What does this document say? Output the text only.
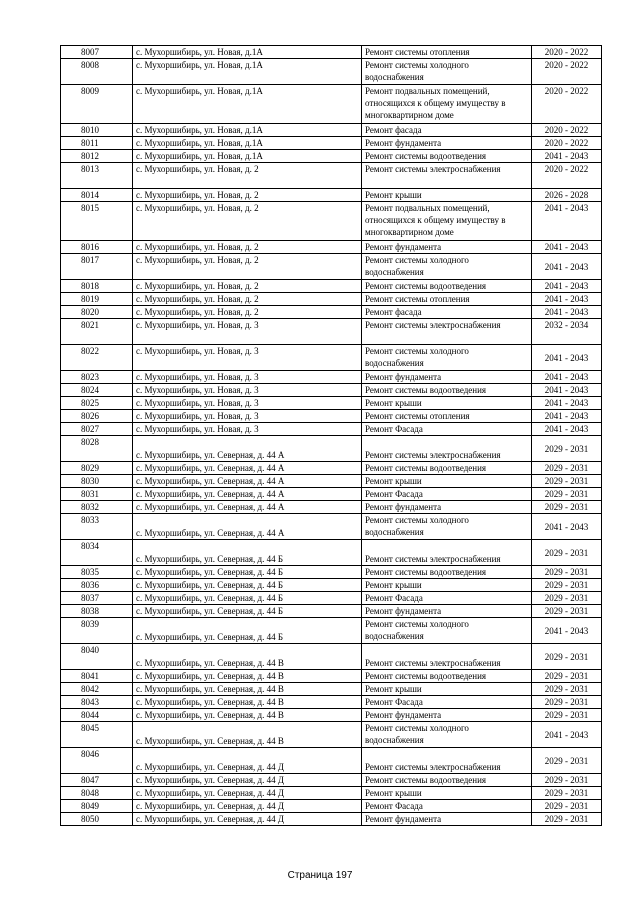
8007	с. Мухоршибирь, ул. Новая, д.1А	Ремонт системы отопления	2020 - 2022
8008	с. Мухоршибирь, ул. Новая, д.1А	Ремонт системы холодного водоснабжения	2020 - 2022
8009	с. Мухоршибирь, ул. Новая, д.1А	Ремонт подвальных помещений, относящихся к общему имуществу в многоквартирном доме	2020 - 2022
8010	с. Мухоршибирь, ул. Новая, д.1А	Ремонт фасада	2020 - 2022
8011	с. Мухоршибирь, ул. Новая, д.1А	Ремонт фундамента	2020 - 2022
8012	с. Мухоршибирь, ул. Новая, д.1А	Ремонт системы водоотведения	2041 - 2043
8013	с. Мухоршибирь, ул. Новая, д. 2	Ремонт системы электроснабжения	2020 - 2022
8014	с. Мухоршибирь, ул. Новая, д. 2	Ремонт крыши	2026 - 2028
8015	с. Мухоршибирь, ул. Новая, д. 2	Ремонт подвальных помещений, относящихся к общему имуществу в многоквартирном доме	2041 - 2043
8016	с. Мухоршибирь, ул. Новая, д. 2	Ремонт фундамента	2041 - 2043
8017	с. Мухоршибирь, ул. Новая, д. 2	Ремонт системы холодного водоснабжения	2041 - 2043
8018	с. Мухоршибирь, ул. Новая, д. 2	Ремонт системы водоотведения	2041 - 2043
8019	с. Мухоршибирь, ул. Новая, д. 2	Ремонт системы отопления	2041 - 2043
8020	с. Мухоршибирь, ул. Новая, д. 2	Ремонт фасада	2041 - 2043
8021	с. Мухоршибирь, ул. Новая, д. 3	Ремонт системы электроснабжения	2032 - 2034
8022	с. Мухоршибирь, ул. Новая, д. 3	Ремонт системы холодного водоснабжения	2041 - 2043
8023	с. Мухоршибирь, ул. Новая, д. 3	Ремонт фундамента	2041 - 2043
8024	с. Мухоршибирь, ул. Новая, д. 3	Ремонт системы водоотведения	2041 - 2043
8025	с. Мухоршибирь, ул. Новая, д. 3	Ремонт крыши	2041 - 2043
8026	с. Мухоршибирь, ул. Новая, д. 3	Ремонт системы отопления	2041 - 2043
8027	с. Мухоршибирь, ул. Новая, д. 3	Ремонт Фасада	2041 - 2043
8028	с. Мухоршибирь, ул. Северная, д. 44 А	Ремонт системы электроснабжения	2029 - 2031
8029	с. Мухоршибирь, ул. Северная, д. 44 А	Ремонт системы водоотведения	2029 - 2031
8030	с. Мухоршибирь, ул. Северная, д. 44 А	Ремонт крыши	2029 - 2031
8031	с. Мухоршибирь, ул. Северная, д. 44 А	Ремонт Фасада	2029 - 2031
8032	с. Мухоршибирь, ул. Северная, д. 44 А	Ремонт фундамента	2029 - 2031
8033	с. Мухоршибирь, ул. Северная, д. 44 А	Ремонт системы холодного водоснабжения	2041 - 2043
8034	с. Мухоршибирь, ул. Северная, д. 44 Б	Ремонт системы электроснабжения	2029 - 2031
8035	с. Мухоршибирь, ул. Северная, д. 44 Б	Ремонт системы водоотведения	2029 - 2031
8036	с. Мухоршибирь, ул. Северная, д. 44 Б	Ремонт крыши	2029 - 2031
8037	с. Мухоршибирь, ул. Северная, д. 44 Б	Ремонт Фасада	2029 - 2031
8038	с. Мухоршибирь, ул. Северная, д. 44 Б	Ремонт фундамента	2029 - 2031
8039	с. Мухоршибирь, ул. Северная, д. 44 Б	Ремонт системы холодного водоснабжения	2041 - 2043
8040	с. Мухоршибирь, ул. Северная, д. 44 В	Ремонт системы электроснабжения	2029 - 2031
8041	с. Мухоршибирь, ул. Северная, д. 44 В	Ремонт системы водоотведения	2029 - 2031
8042	с. Мухоршибирь, ул. Северная, д. 44 В	Ремонт крыши	2029 - 2031
8043	с. Мухоршибирь, ул. Северная, д. 44 В	Ремонт Фасада	2029 - 2031
8044	с. Мухоршибирь, ул. Северная, д. 44 В	Ремонт фундамента	2029 - 2031
8045	с. Мухоршибирь, ул. Северная, д. 44 В	Ремонт системы холодного водоснабжения	2041 - 2043
8046	с. Мухоршибирь, ул. Северная, д. 44 Д	Ремонт системы электроснабжения	2029 - 2031
8047	с. Мухоршибирь, ул. Северная, д. 44 Д	Ремонт системы водоотведения	2029 - 2031
8048	с. Мухоршибирь, ул. Северная, д. 44 Д	Ремонт крыши	2029 - 2031
8049	с. Мухоршибирь, ул. Северная, д. 44 Д	Ремонт Фасада	2029 - 2031
8050	с. Мухоршибирь, ул. Северная, д. 44 Д	Ремонт фундамента	2029 - 2031
Страница 197
